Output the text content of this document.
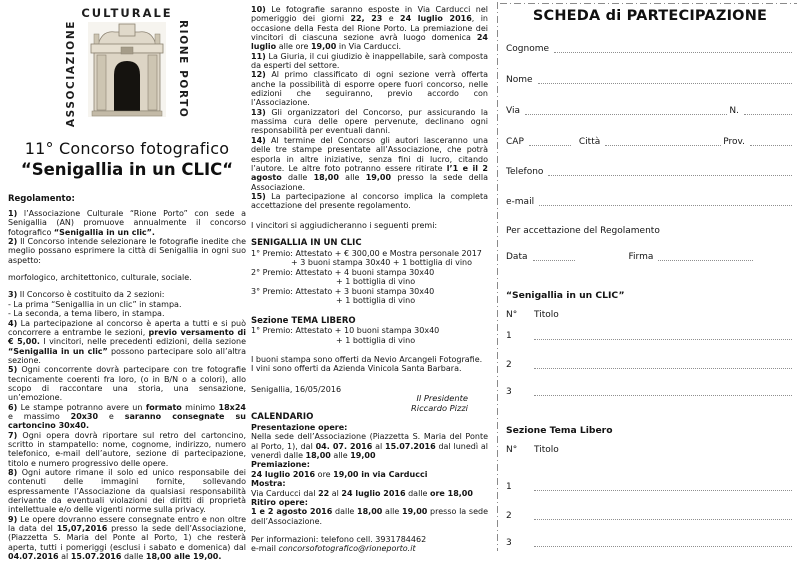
ASSOCIAZIONE
CULTURALE
RIONE PORTO
11° Concorso fotografico
“Senigallia in un CLIC“
Regolamento:

1) l’Associazione Culturale “Rione Porto” con sede a Senigallia (AN) promuove annualmente il concorso fotografico “Senigallia in un clic”.

2) Il Concorso intende selezionare le fotografie inedite che meglio possano esprimere la città di Senigallia in ogni suo aspetto:

morfologico, architettonico, culturale, sociale.

3) Il Concorso è costituito da 2 sezioni:

- La prima “Senigallia in un clic” in stampa.

- La seconda, a tema libero, in stampa.

4) La partecipazione al concorso è aperta a tutti e si può concorrere a entrambe le sezioni, previo versamento di € 5,00. I vincitori, nelle precedenti edizioni, della sezione “Senigallia in un clic” possono partecipare solo all’altra sezione.

5) Ogni concorrente dovrà partecipare con tre fotografie tecnicamente coerenti fra loro, (o in B/N o a colori), allo scopo di raccontare una storia, una sensazione, un’emozione.

6) Le stampe potranno avere un formato minimo 18x24 e massimo 20x30 e saranno consegnate su cartoncino 30x40.

7) Ogni opera dovrà riportare sul retro del cartoncino, scritto in stampatello: nome, cognome, indirizzo, numero telefonico, e-mail dell’autore, sezione di partecipazione, titolo e numero progressivo delle opere.

8) Ogni autore rimane il solo ed unico responsabile dei contenuti delle immagini fornite, sollevando espressamente l’Associazione da qualsiasi responsabilità derivante da eventuali violazioni dei diritti di proprietà intellettuale e/o delle vigenti norme sulla privacy.

9) Le opere dovranno essere consegnate entro e non oltre la data del 15,07,2016 presso la sede dell’Associazione, (Piazzetta S. Maria del Ponte al Porto, 1) che resterà aperta, tutti i pomeriggi (esclusi i sabato e domenica) dal 04.07.2016 al 15.07.2016 dalle 18,00 alle 19,00.

10) Le fotografie saranno esposte in Via Carducci nel pomeriggio dei giorni 22, 23 e 24 luglio 2016, in occasione della Festa del Rione Porto. La premiazione dei vincitori di ciascuna sezione avrà luogo domenica 24 luglio alle ore 19,00 in Via Carducci.

11) La Giuria, il cui giudizio è inappellabile, sarà composta da esperti del settore.

12) Al primo classificato di ogni sezione verrà offerta anche la possibilità di esporre opere fuori concorso, nelle edizioni che seguiranno, previo accordo con l’Associazione.

13) Gli organizzatori del Concorso, pur assicurando la massima cura delle opere pervenute, declinano ogni responsabilità per eventuali danni.

14) Al termine del Concorso gli autori lasceranno una delle tre stampe presentate all’Associazione, che potrà esporla in altre iniziative, senza fini di lucro, citando l’autore. Le altre foto potranno essere ritirate l’1 e il 2 agosto dalle 18,00 alle 19,00 presso la sede della Associazione.

15) La partecipazione al concorso implica la completa accettazione del presente regolamento.

I vincitori si aggiudicheranno i seguenti premi:
SENIGALLIA IN UN CLIC
1° Premio: Attestato + € 300,00 e Mostra personale 2017
+ 3 buoni stampa 30x40 + 1 bottiglia di vino
2° Premio: Attestato + 4 buoni stampa 30x40
+ 1 bottiglia di vino
3° Premio: Attestato + 3 buoni stampa 30x40
+ 1 bottiglia di vino
Sezione TEMA LIBERO
1° Premio: Attestato + 10 buoni stampa 30x40
+ 1 bottiglia di vino
I buoni stampa sono offerti da Nevio Arcangeli Fotografie.
I vini sono offerti da Azienda Vinicola Santa Barbara.
Senigallia, 16/05/2016
Il Presidente
Riccardo Pizzi
CALENDARIO
Presentazione opere:

Nella sede dell’Associazione (Piazzetta S. Maria del Ponte al Porto, 1), dal 04. 07. 2016 al 15.07.2016 dal lunedì al venerdì dalle 18,00 alle 19,00

Premiazione:

24 luglio 2016 ore 19,00 in via Carducci

Mostra:

Via Carducci dal 22 al 24 luglio 2016 dalle ore 18,00

Ritiro opere:

1 e 2 agosto 2016 dalle 18,00 alle 19,00 presso la sede dell’Associazione.

Per informazioni: telefono cell. 3931784462

e-mail concorsofotografico@rioneporto.it

SCHEDA di PARTECIPAZIONE
Cognome
Nome
Via	N.
CAP	Città	Prov.
Telefono
e-mail
Per accettazione del Regolamento
Data	Firma
“Senigallia in un CLIC”
N°	Titolo
1
2
3
Sezione Tema Libero
N°	Titolo
1
2
3
